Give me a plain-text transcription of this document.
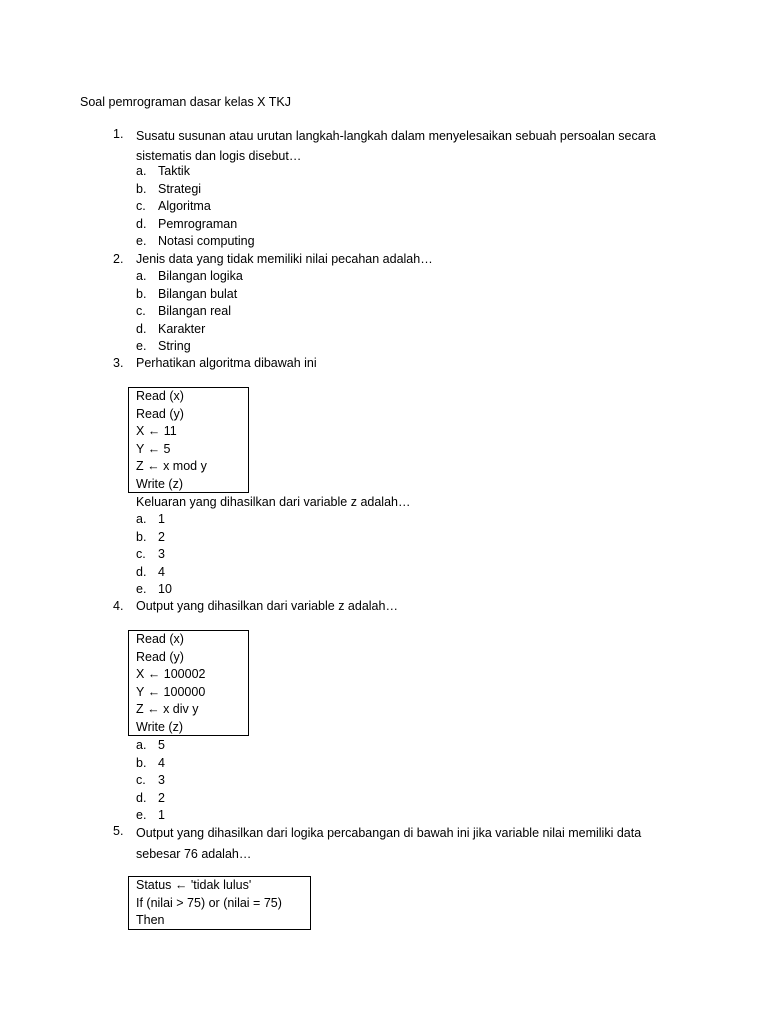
Soal pemrograman dasar kelas X TKJ
1.	Susatu susunan atau urutan langkah-langkah dalam menyelesaikan sebuah persoalan secara sistematis dan logis disebut…
a. Taktik
b. Strategi
c. Algoritma
d. Pemrograman
e. Notasi computing
2.	Jenis data yang tidak memiliki nilai pecahan adalah…
a. Bilangan logika
b. Bilangan bulat
c. Bilangan real
d. Karakter
e. String
3.	Perhatikan algoritma dibawah ini
Read (x)
Read (y)
X ← 11
Y ← 5
Z ← x mod y
Write (z)
Keluaran yang dihasilkan dari variable z adalah…
a. 1
b. 2
c. 3
d. 4
e. 10
4.	Output yang dihasilkan dari variable z adalah…
Read (x)
Read (y)
X ← 100002
Y ← 100000
Z ← x div y
Write (z)
a. 5
b. 4
c. 3
d. 2
e. 1
5.	Output yang dihasilkan dari logika percabangan di bawah ini jika variable nilai memiliki data sebesar 76 adalah…
Status ← 'tidak lulus'
If (nilai > 75) or (nilai = 75)
Then
